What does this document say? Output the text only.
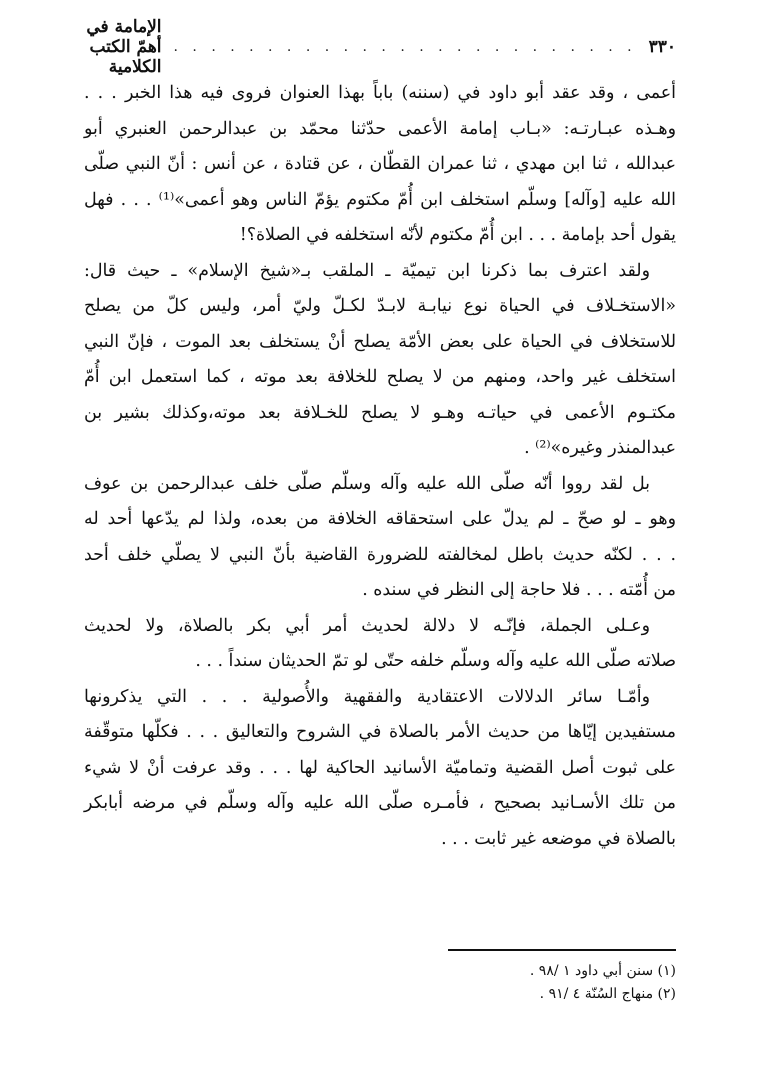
٣٣٠
. . . . . . . . . . . . . . . . . . . . . . . . .
الإمامة في أهمّ الكتب الكلامية
أعمى ، وقد عقد أبو داود في (سننه) باباً بهذا العنوان فروى فيه هذا الخبر . . .
وهـذه عبـارتـه: «بـاب إمامة الأعمى حدّثنا محمّد بن عبدالرحمن العنبري أبو
عبدالله ، ثنا ابن مهدي ، ثنا عمران القطّان ، عن قتادة ، عن أنس : أنّ النبي صلّى
الله عليه [وآله] وسلّم استخلف ابن أُمّ مكتوم يؤمّ الناس وهو أعمى»⁽¹⁾ . . . فهل
يقول أحد بإمامة . . . ابن أُمّ مكتوم لأنّه استخلفه في الصلاة؟!
ولقد اعترف بما ذكرنا ابن تيميّة ـ الملقب بـ«شيخ الإسلام» ـ حيث قال:
«الاستخـلاف في الحياة نوع نيابـة لابـدّ لكـلّ وليّ أمر، وليس كلّ من يصلح
للاستخلاف في الحياة على بعض الأمّة يصلح أنْ يستخلف بعد الموت ، فإنّ النبي
استخلف غير واحد، ومنهم من لا يصلح للخلافة بعد موته ، كما استعمل ابن أُمّ
مكتـوم الأعمى في حياتـه وهـو لا يصلح للخـلافة بعد موته،وكذلك بشير بن
عبدالمنذر وغيره»⁽²⁾ .
بل لقد رووا أنّه صلّى الله عليه وآله وسلّم صلّى خلف عبدالرحمن بن عوف
وهو ـ لو صحّ ـ لم يدلّ على استحقاقه الخلافة من بعده، ولذا لم يدّعها أحد له
. . . لكنّه حديث باطل لمخالفته للضرورة القاضية بأنّ النبي لا يصلّي خلف أحد
من أُمّته . . . فلا حاجة إلى النظر في سنده .
وعـلى الجملة، فإنّـه لا دلالة لحديث أمر أبي بكر بالصلاة، ولا لحديث
صلاته صلّى الله عليه وآله وسلّم خلفه حتّى لو تمّ الحديثان سنداً . . .
وأمّـا سائر الدلالات الاعتقادية والفقهية والأُصولية . . . التي يذكرونها
مستفيدين إيّاها من حديث الأمر بالصلاة في الشروح والتعاليق . . . فكلّها متوقّفة
على ثبوت أصل القضية وتماميّة الأسانيد الحاكية لها . . . وقد عرفت أنْ لا شيء
من تلك الأسـانيد بصحيح ، فأمـره صلّى الله عليه وآله وسلّم في مرضه أبابكر
بالصلاة في موضعه غير ثابت . . .
(١) سنن أبي داود ١ /٩٨ .
(٢) منهاج السُنّة ٤ /٩١ .
